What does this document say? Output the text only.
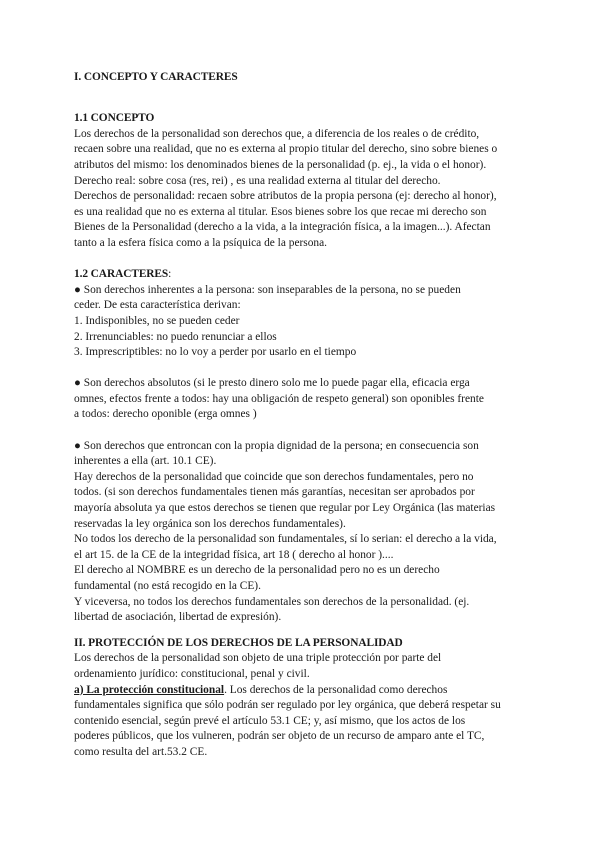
I. CONCEPTO Y CARACTERES

1.1 CONCEPTO

Los derechos de la personalidad son derechos que, a diferencia de los reales o de crédito,

recaen sobre una realidad, que no es externa al propio titular del derecho, sino sobre bienes o

atributos del mismo: los denominados bienes de la personalidad (p. ej., la vida o el honor).

Derecho real: sobre cosa (res, rei) , es una realidad externa al titular del derecho.

Derechos de personalidad: recaen sobre atributos de la propia persona (ej: derecho al honor),

es una realidad que no es externa al titular. Esos bienes sobre los que recae mi derecho son

Bienes de la Personalidad (derecho a la vida, a la integración física, a la imagen...). Afectan

tanto a la esfera física como a la psíquica de la persona.

1.2 CARACTERES:

● Son derechos inherentes a la persona: son inseparables de la persona, no se pueden

ceder. De esta característica derivan:

1. Indisponibles, no se pueden ceder

2. Irrenunciables: no puedo renunciar a ellos

3. Imprescriptibles: no lo voy a perder por usarlo en el tiempo

● Son derechos absolutos (si le presto dinero solo me lo puede pagar ella, eficacia erga

omnes, efectos frente a todos: hay una obligación de respeto general) son oponibles frente

a todos: derecho oponible (erga omnes )

● Son derechos que entroncan con la propia dignidad de la persona; en consecuencia son

inherentes a ella (art. 10.1 CE).

Hay derechos de la personalidad que coincide que son derechos fundamentales, pero no

todos. (si son derechos fundamentales tienen más garantías, necesitan ser aprobados por

mayoría absoluta ya que estos derechos se tienen que regular por Ley Orgánica (las materias

reservadas la ley orgánica son los derechos fundamentales).

No todos los derecho de la personalidad son fundamentales, sí lo serian: el derecho a la vida,

el art 15. de la CE de la integridad física, art 18 ( derecho al honor )....

El derecho al NOMBRE es un derecho de la personalidad pero no es un derecho

fundamental (no está recogido en la CE).

Y viceversa, no todos los derechos fundamentales son derechos de la personalidad. (ej.

libertad de asociación, libertad de expresión).

II. PROTECCIÓN DE LOS DERECHOS DE LA PERSONALIDAD

Los derechos de la personalidad son objeto de una triple protección por parte del

ordenamiento jurídico: constitucional, penal y civil.

a) La protección constitucional. Los derechos de la personalidad como derechos

fundamentales significa que sólo podrán ser regulado por ley orgánica, que deberá respetar su

contenido esencial, según prevé el artículo 53.1 CE; y, así mismo, que los actos de los

poderes públicos, que los vulneren, podrán ser objeto de un recurso de amparo ante el TC,

como resulta del art.53.2 CE.
